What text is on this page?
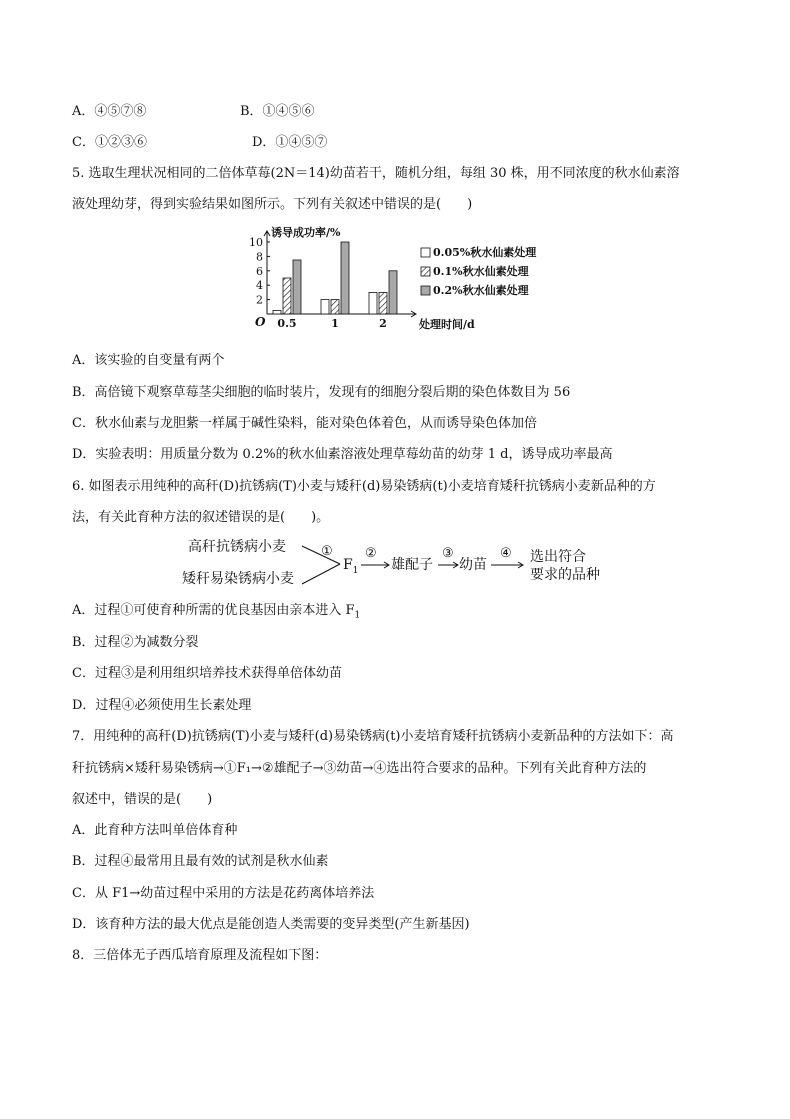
A．④⑤⑦⑧	B．①④⑤⑥
C．①②③⑥	D．①④⑤⑦
5. 选取生理状况相同的二倍体草莓(2N＝14)幼苗若干，随机分组，每组 30 株，用不同浓度的秋水仙素溶
液处理幼芽，得到实验结果如图所示。下列有关叙述中错误的是(　　)
2
4
6
8
10
O
诱导成功率/%
处理时间/d
0.5	1	2
0.05%秋水仙素处理
0.1%秋水仙素处理
0.2%秋水仙素处理
A．该实验的自变量有两个
B．高倍镜下观察草莓茎尖细胞的临时装片，发现有的细胞分裂后期的染色体数目为 56
C．秋水仙素与龙胆紫一样属于碱性染料，能对染色体着色，从而诱导染色体加倍
D．实验表明：用质量分数为 0.2%的秋水仙素溶液处理草莓幼苗的幼芽 1 d，诱导成功率最高
6. 如图表示用纯种的高秆(D)抗锈病(T)小麦与矮秆(d)易染锈病(t)小麦培育矮秆抗锈病小麦新品种的方
法，有关此育种方法的叙述错误的是(　　)。
高秆抗锈病小麦
矮秆易染锈病小麦
①
$F_1$
②
雄配子
③
幼苗
④ 选出符合
要求的品种
A．过程①可使育种所需的优良基因由亲本进入 $F_1$
B．过程②为减数分裂
C．过程③是利用组织培养技术获得单倍体幼苗
D．过程④必须使用生长素处理
7．用纯种的高秆(D)抗锈病(T)小麦与矮秆(d)易染锈病(t)小麦培育矮秆抗锈病小麦新品种的方法如下：高
秆抗锈病×矮秆易染锈病→①F₁→②雄配子→③幼苗→④选出符合要求的品种。下列有关此育种方法的
叙述中，错误的是(　　)
A．此育种方法叫单倍体育种
B．过程④最常用且最有效的试剂是秋水仙素
C．从 F1→幼苗过程中采用的方法是花药离体培养法
D．该育种方法的最大优点是能创造人类需要的变异类型(产生新基因)
8．三倍体无子西瓜培育原理及流程如下图：
